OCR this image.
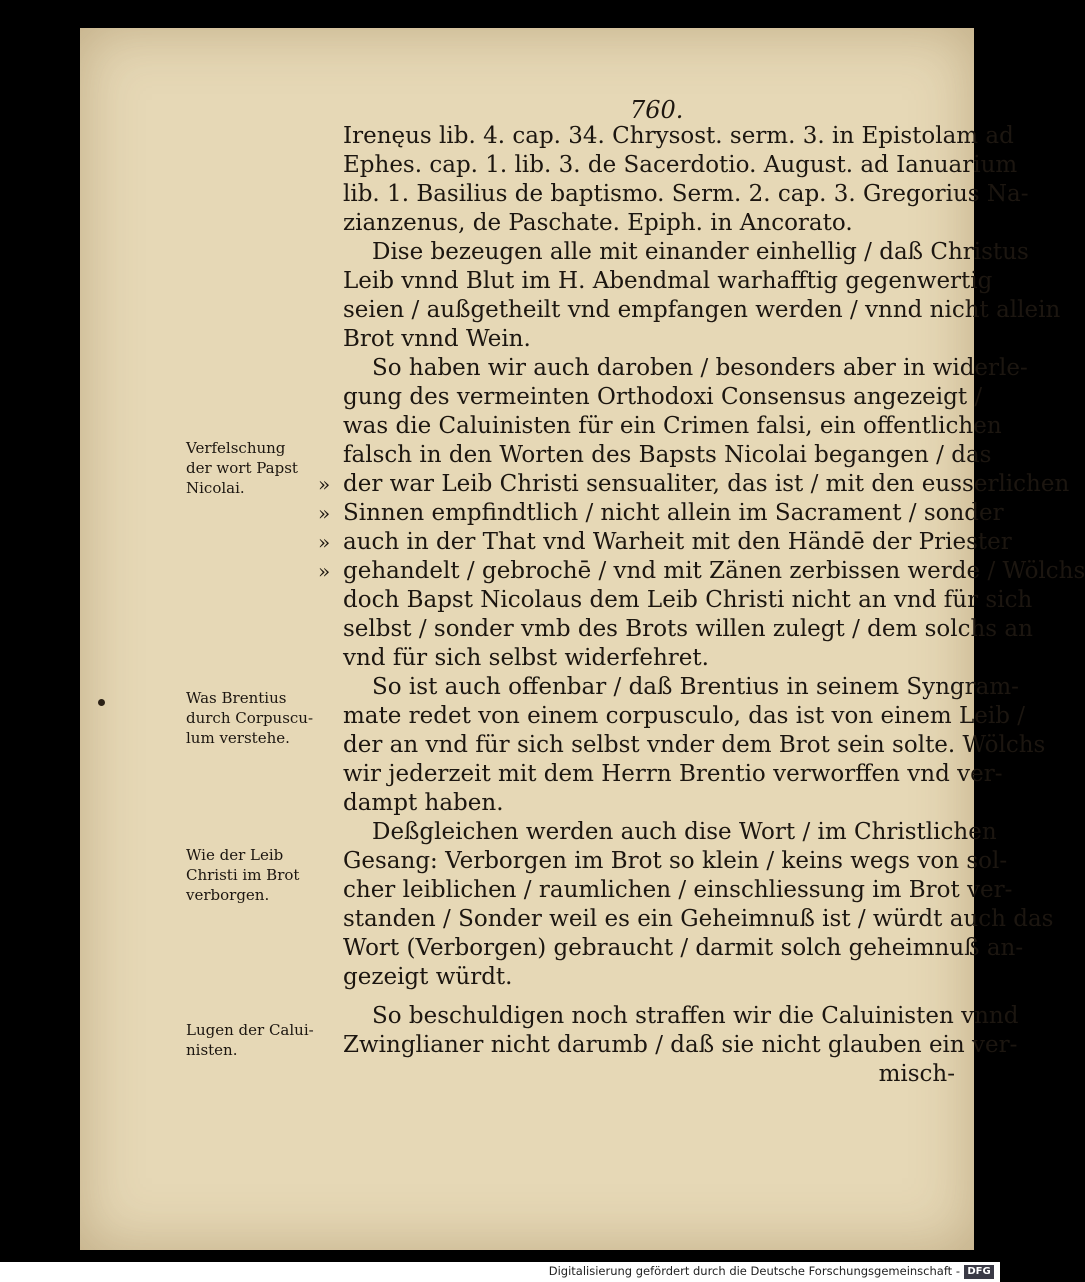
760.
Irenęus lib. 4. cap. 34. Chrysost. serm. 3. in Epistolam ad
Ephes. cap. 1. lib. 3. de Sacerdotio. August. ad Ianuarium
lib. 1. Basilius de baptismo. Serm. 2. cap. 3. Gregorius Na-
zianzenus, de Paschate. Epiph. in Ancorato.
Dise bezeugen alle mit einander einhellig / daß Christus
Leib vnnd Blut im H. Abendmal warhafftig gegenwertig
seien / außgetheilt vnd empfangen werden / vnnd nicht allein
Brot vnnd Wein.
So haben wir auch daroben / besonders aber in widerle-
gung des vermeinten Orthodoxi Consensus angezeigt /
was die Caluinisten für ein Crimen falsi, ein offentlichen
falsch in den Worten des Bapsts Nicolai begangen / das
der war Leib Christi sensualiter, das ist / mit den eusserlichen
Sinnen empfindtlich / nicht allein im Sacrament / sonder
auch in der That vnd Warheit mit den Händē der Priester
gehandelt / gebrochē / vnd mit Zänen zerbissen werde / Wölchs
doch Bapst Nicolaus dem Leib Christi nicht an vnd für sich
selbst / sonder vmb des Brots willen zulegt / dem solchs an
vnd für sich selbst widerfehret.
So ist auch offenbar / daß Brentius in seinem Syngram-
mate redet von einem corpusculo, das ist von einem Leib /
der an vnd für sich selbst vnder dem Brot sein solte. Wölchs
wir jederzeit mit dem Herrn Brentio verworffen vnd ver-
dampt haben.
Deßgleichen werden auch dise Wort / im Christlichen
Gesang: Verborgen im Brot so klein / keins wegs von sol-
cher leiblichen / raumlichen / einschliessung im Brot ver-
standen / Sonder weil es ein Geheimnuß ist / würdt auch das
Wort (Verborgen) gebraucht / darmit solch geheimnuß an-
gezeigt würdt.
So beschuldigen noch straffen wir die Caluinisten vnnd
Zwinglianer nicht darumb / daß sie nicht glauben ein ver-
misch-
»
»
»
»
Verfelschung
der wort Papst
Nicolai.
Was Brentius
durch Corpuscu-
lum verstehe.
Wie der Leib
Christi im Brot
verborgen.
Lugen der Calui-
nisten.
Digitalisierung gefördert durch die Deutsche Forschungsgemeinschaft - DFG
